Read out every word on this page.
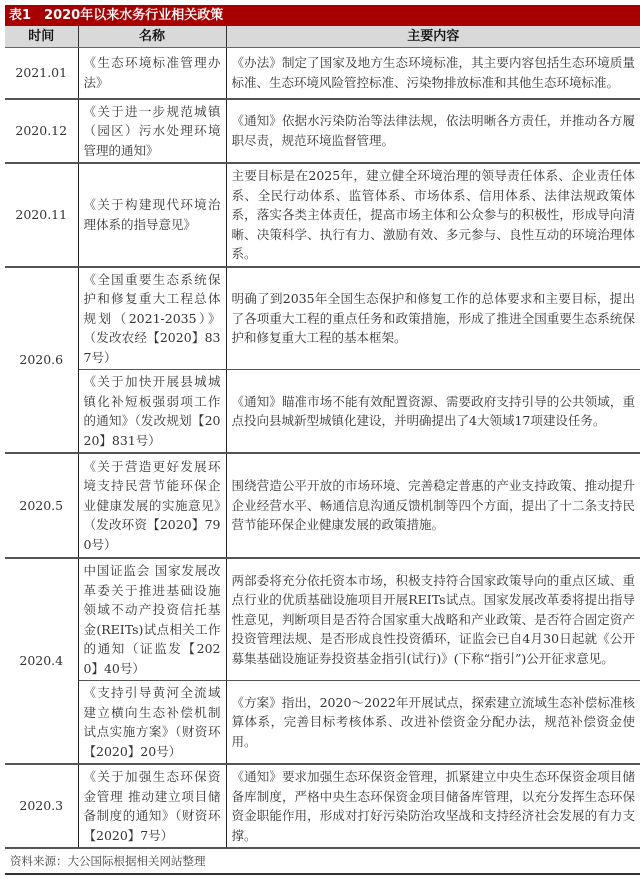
表1　2020年以来水务行业相关政策
时间	名称	主要内容
2021.01	《生态环境标准管理办法》	《办法》制定了国家及地方生态环境标准，其主要内容包括生态环境质量标准、生态环境风险管控标准、污染物排放标准和其他生态环境标准。
2020.12	《关于进一步规范城镇（园区）污水处理环境管理的通知》	《通知》依据水污染防治等法律法规，依法明晰各方责任，并推动各方履职尽责，规范环境监督管理。
2020.11	《关于构建现代环境治理体系的指导意见》	主要目标是在2025年，建立健全环境治理的领导责任体系、企业责任体系、全民行动体系、监管体系、市场体系、信用体系、法律法规政策体系，落实各类主体责任，提高市场主体和公众参与的积极性，形成导向清晰、决策科学、执行有力、激励有效、多元参与、良性互动的环境治理体系。
2020.6	《全国重要生态系统保护和修复重大工程总体规划（2021-2035）》（发改农经【2020】837号）	明确了到2035年全国生态保护和修复工作的总体要求和主要目标，提出了各项重大工程的重点任务和政策措施，形成了推进全国重要生态系统保护和修复重大工程的基本框架。
	《关于加快开展县城城镇化补短板强弱项工作的通知》（发改规划【2020】831号）	《通知》瞄准市场不能有效配置资源、需要政府支持引导的公共领域，重点投向县城新型城镇化建设，并明确提出了4大领域17项建设任务。
2020.5	《关于营造更好发展环境支持民营节能环保企业健康发展的实施意见》（发改环资【2020】790号）	围绕营造公平开放的市场环境、完善稳定普惠的产业支持政策、推动提升企业经营水平、畅通信息沟通反馈机制等四个方面，提出了十二条支持民营节能环保企业健康发展的政策措施。
2020.4	中国证监会 国家发展改革委关于推进基础设施领域不动产投资信托基金(REITs)试点相关工作的通知（证监发【2020】40号）	两部委将充分依托资本市场，积极支持符合国家政策导向的重点区域、重点行业的优质基础设施项目开展REITs试点。国家发展改革委将提出指导性意见，判断项目是否符合国家重大战略和产业政策、是否符合固定资产投资管理法规、是否形成良性投资循环，证监会已自4月30日起就《公开募集基础设施证券投资基金指引(试行)》(下称“指引”)公开征求意见。
	《支持引导黄河全流域建立横向生态补偿机制试点实施方案》（财资环【2020】20号）	《方案》指出，2020～2022年开展试点，探索建立流域生态补偿标准核算体系，完善目标考核体系、改进补偿资金分配办法，规范补偿资金使用。
2020.3	《关于加强生态环保资金管理 推动建立项目储备制度的通知》（财资环【2020】7号）	《通知》要求加强生态环保资金管理，抓紧建立中央生态环保资金项目储备库制度，严格中央生态环保资金项目储备库管理，以充分发挥生态环保资金职能作用，形成对打好污染防治攻坚战和支持经济社会发展的有力支撑。
资料来源：大公国际根据相关网站整理
